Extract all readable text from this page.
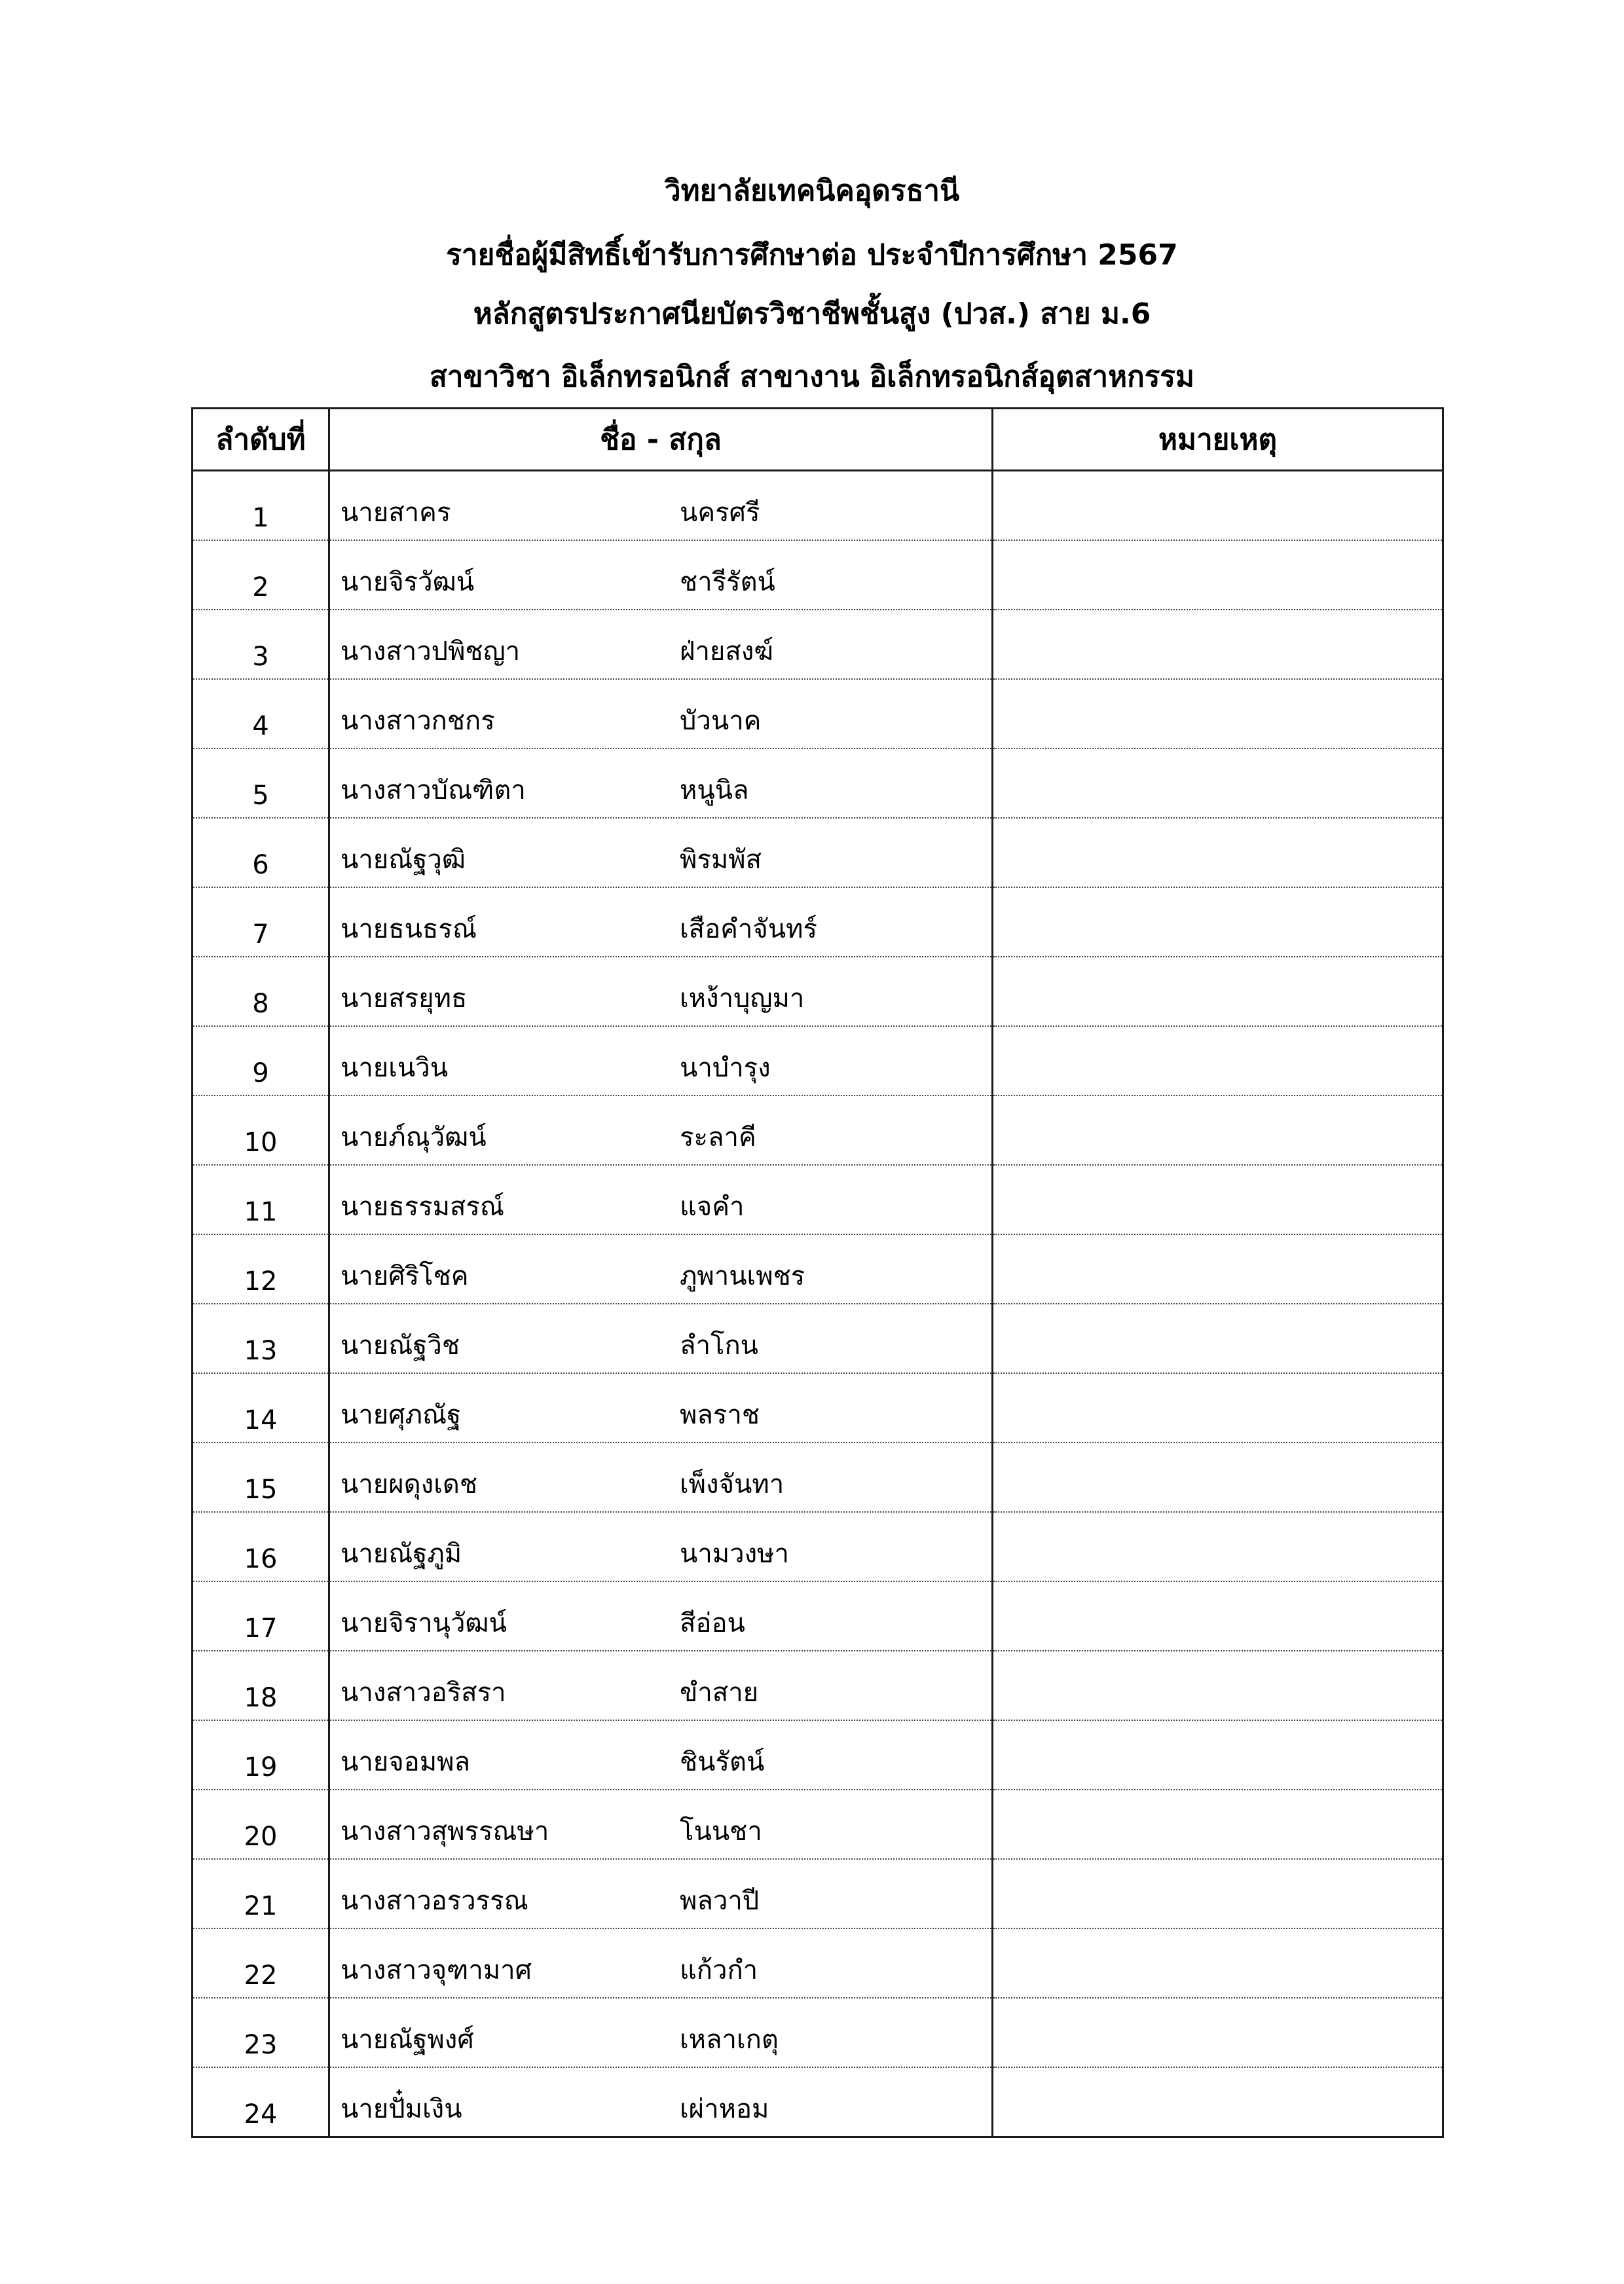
วิทยาลัยเทคนิคอุดรธานี
รายชื่อผู้มีสิทธิ์เข้ารับการศึกษาต่อ ประจำปีการศึกษา 2567
หลักสูตรประกาศนียบัตรวิชาชีพชั้นสูง (ปวส.) สาย ม.6
สาขาวิชา อิเล็กทรอนิกส์ สาขางาน อิเล็กทรอนิกส์อุตสาหกรรม
ลำดับที่	ชื่อ - สกุล	หมายเหตุ
1	นายสาคร นครศรี	

2	นายจิรวัฒน์ ชารีรัตน์	

3	นางสาวปพิชญา ฝ่ายสงฆ์	

4	นางสาวกชกร บัวนาค	

5	นางสาวบัณฑิตา หนูนิล	

6	นายณัฐวุฒิ พิรมพัส	

7	นายธนธรณ์ เสือคำจันทร์	

8	นายสรยุทธ เหง้าบุญมา	

9	นายเนวิน นาบำรุง	

10	นายภ์ณุวัฒน์ ระลาคี	

11	นายธรรมสรณ์ แจคำ	

12	นายศิริโชค ภูพานเพชร	

13	นายณัฐวิช ลำโกน	

14	นายศุภณัฐ พลราช	

15	นายผดุงเดช เพ็งจันทา	

16	นายณัฐภูมิ นามวงษา	

17	นายจิรานุวัฒน์ สีอ่อน	

18	นางสาวอริสรา ขำสาย	

19	นายจอมพล ชินรัตน์	

20	นางสาวสุพรรณษา โนนชา	

21	นางสาวอรวรรณ พลวาปี	

22	นางสาวจุฑามาศ แก้วกำ	

23	นายณัฐพงศ์ เหลาเกตุ	

24	นายปั๋มเงิน เผ่าหอม	
